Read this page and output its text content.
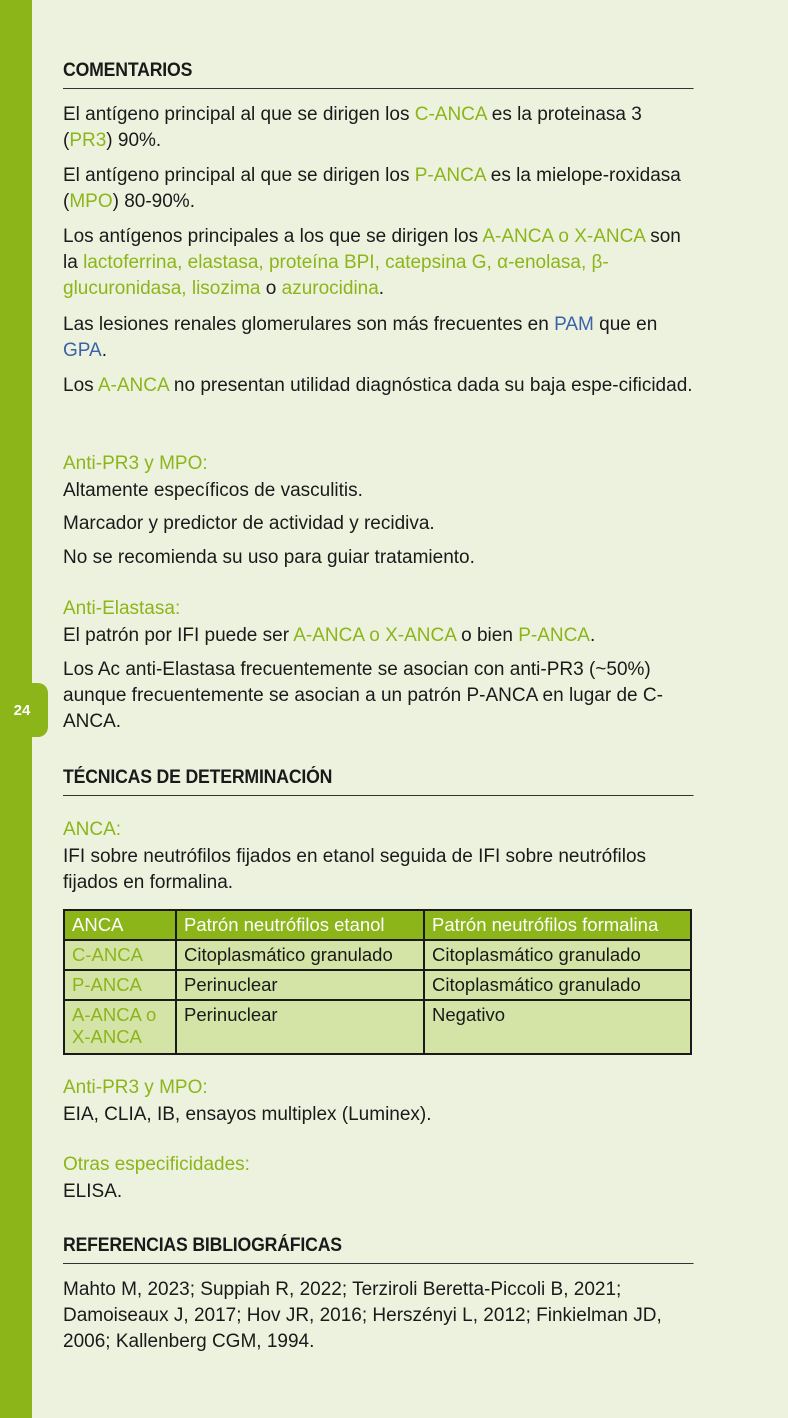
24
COMENTARIOS
El antígeno principal al que se dirigen los C-ANCA es la proteinasa 3 (PR3) 90%.
El antígeno principal al que se dirigen los P-ANCA es la mielope-roxidasa (MPO) 80-90%.
Los antígenos principales a los que se dirigen los A-ANCA o X-ANCA son la lactoferrina, elastasa, proteína BPI, catepsina G, α-enolasa, β-glucuronidasa, lisozima o azurocidina.
Las lesiones renales glomerulares son más frecuentes en PAM que en GPA.
Los A-ANCA no presentan utilidad diagnóstica dada su baja espe-cificidad.
Anti-PR3 y MPO:
Altamente específicos de vasculitis.
Marcador y predictor de actividad y recidiva.
No se recomienda su uso para guiar tratamiento.
Anti-Elastasa:
El patrón por IFI puede ser A-ANCA o X-ANCA o bien P-ANCA.
Los Ac anti-Elastasa frecuentemente se asocian con anti-PR3 (~50%) aunque frecuentemente se asocian a un patrón P-ANCA en lugar de C-ANCA.
TÉCNICAS DE DETERMINACIÓN
ANCA:
IFI sobre neutrófilos fijados en etanol seguida de IFI sobre neutrófilos fijados en formalina.
ANCA	Patrón neutrófilos etanol	Patrón neutrófilos formalina
C-ANCA	Citoplasmático granulado	Citoplasmático granulado
P-ANCA	Perinuclear	Citoplasmático granulado
A-ANCA o X-ANCA	Perinuclear	Negativo
Anti-PR3 y MPO:
EIA, CLIA, IB, ensayos multiplex (Luminex).
Otras especificidades:
ELISA.
REFERENCIAS BIBLIOGRÁFICAS
Mahto M, 2023; Suppiah R, 2022; Terziroli Beretta-Piccoli B, 2021; Damoiseaux J, 2017; Hov JR, 2016; Herszényi L, 2012; Finkielman JD, 2006; Kallenberg CGM, 1994.
